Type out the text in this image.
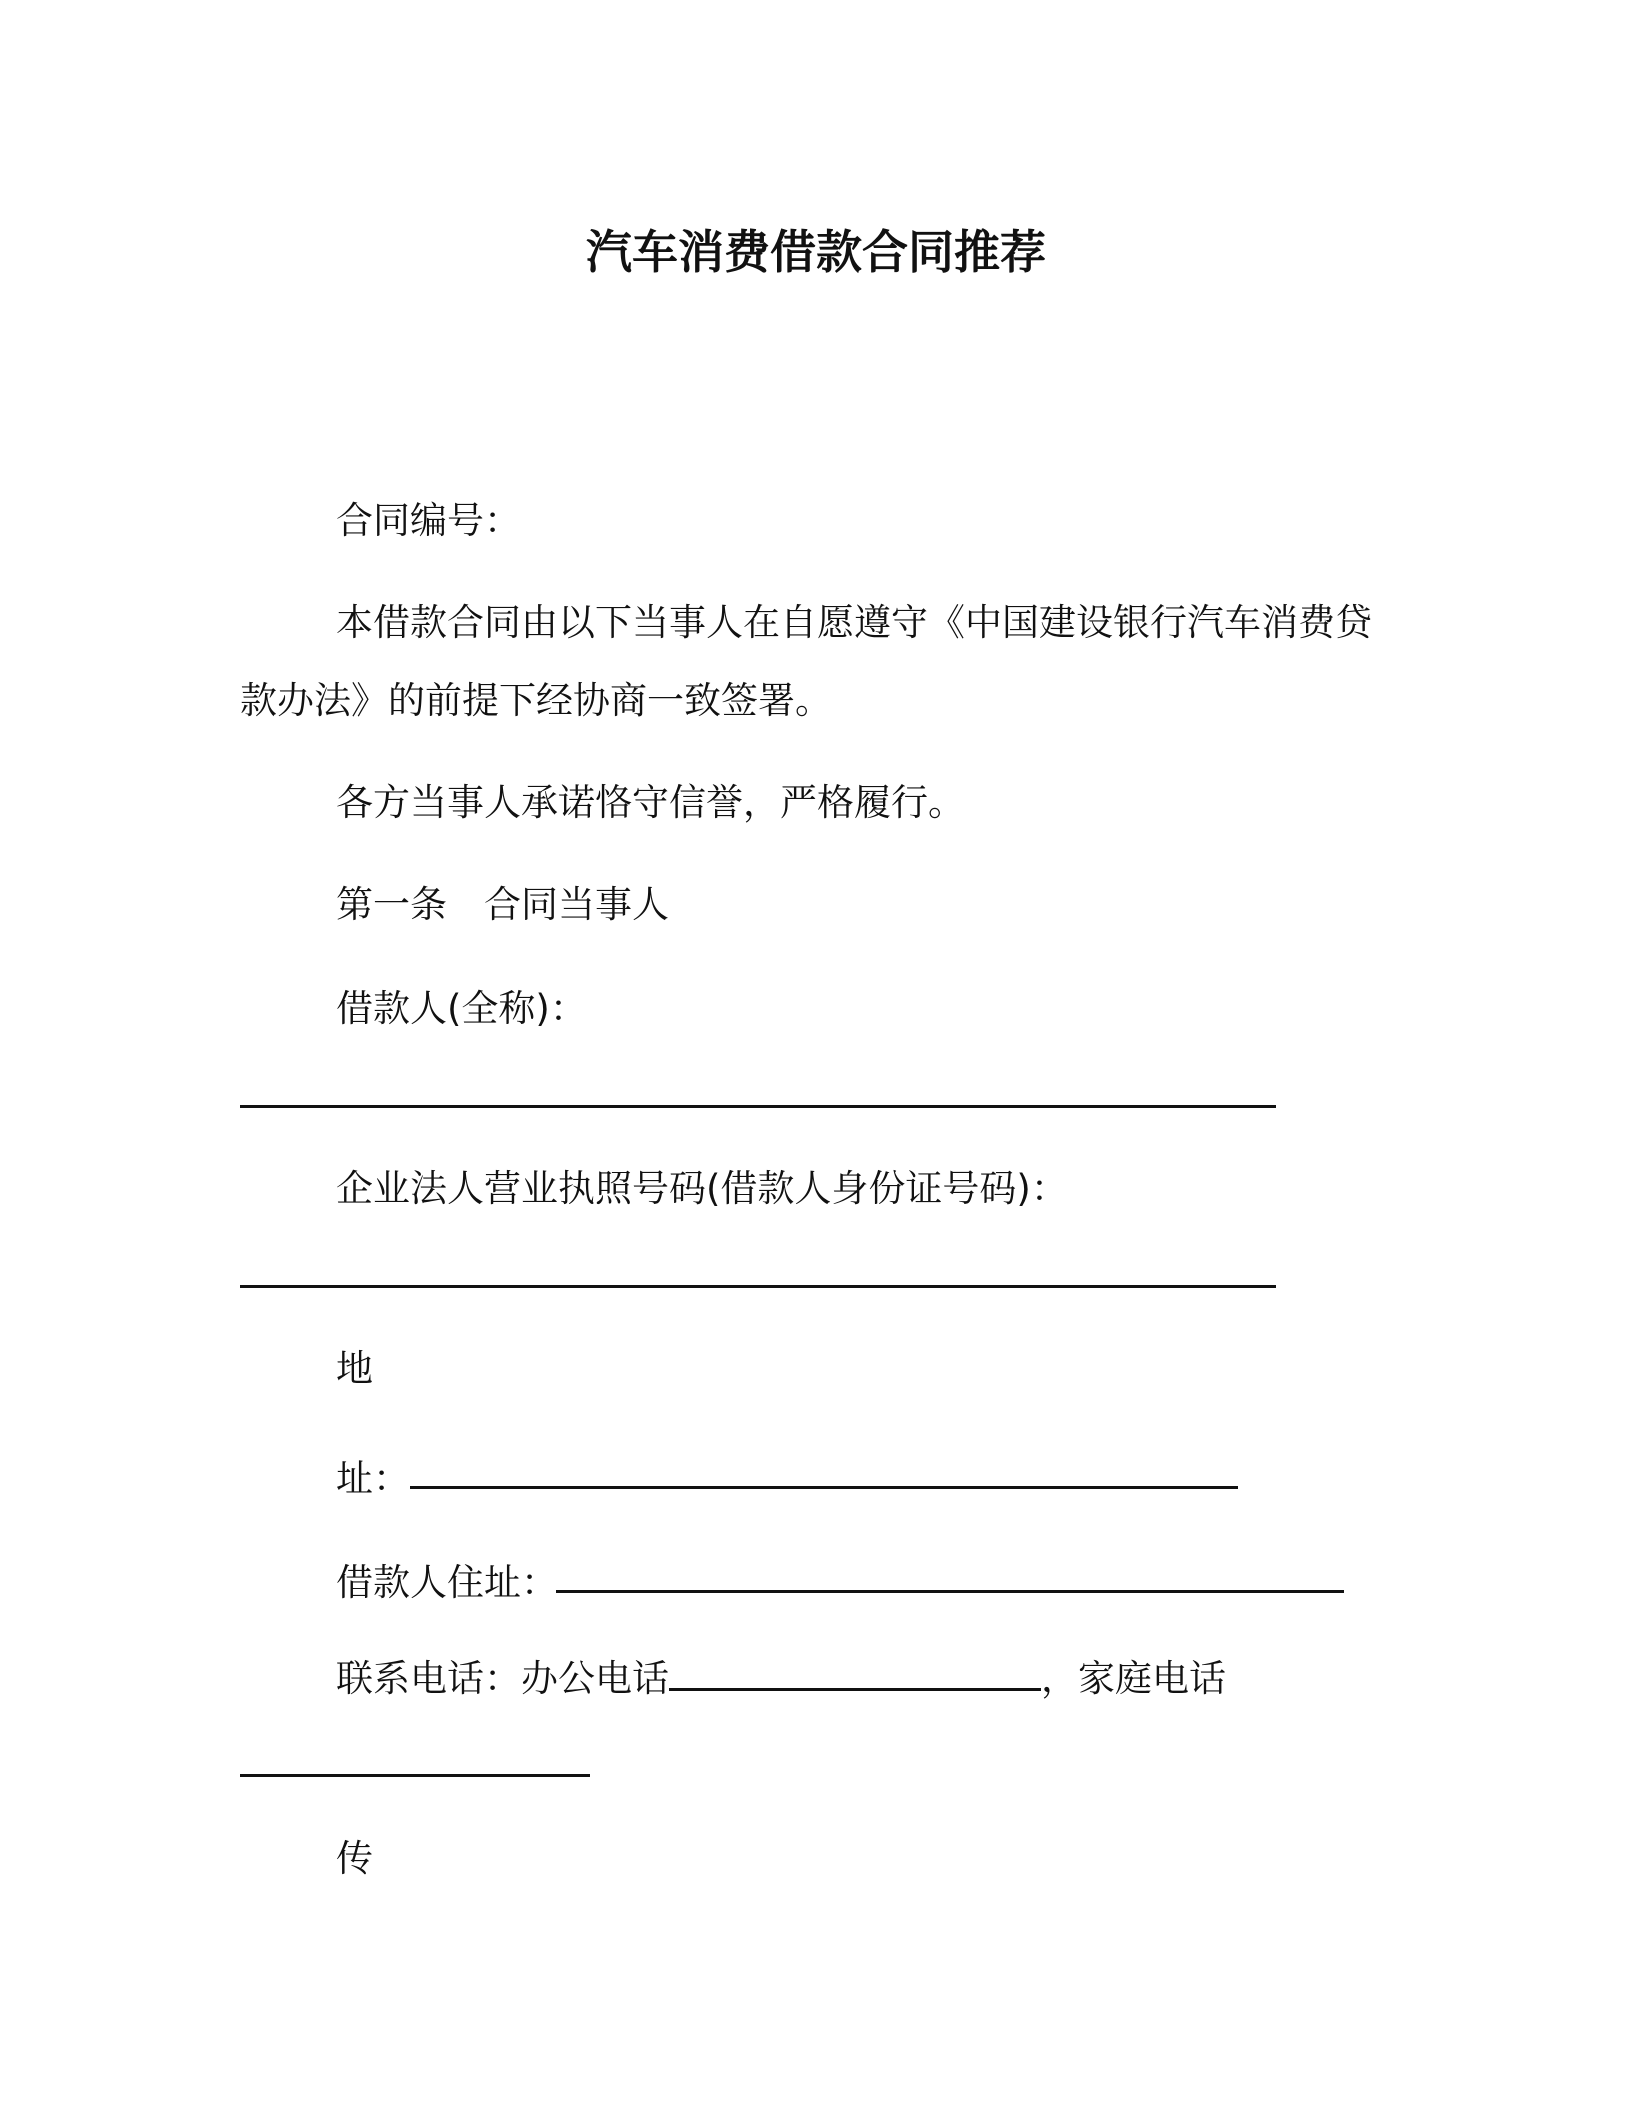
汽车消费借款合同推荐
合同编号：
本借款合同由以下当事人在自愿遵守《中国建设银行汽车消费贷
款办法》的前提下经协商一致签署。
各方当事人承诺恪守信誉，严格履行。
第一条　合同当事人
借款人(全称)：
企业法人营业执照号码(借款人身份证号码)：
地
址：
借款人住址：
联系电话：办公电话	，家庭电话
传
